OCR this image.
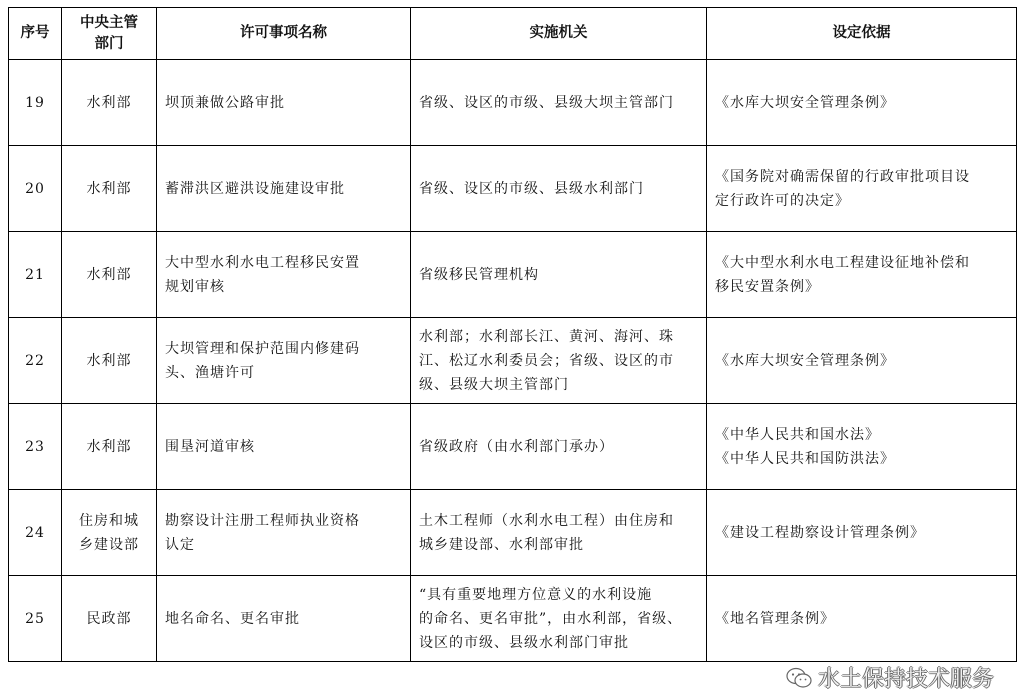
序号	中央主管
部门	许可事项名称	实施机关	设定依据

19	水利部	坝顶兼做公路审批	省级、设区的市级、县级大坝主管部门	《水库大坝安全管理条例》

20	水利部	蓄滞洪区避洪设施建设审批	省级、设区的市级、县级水利部门	《国务院对确需保留的行政审批项目设
定行政许可的决定》

21	水利部	大中型水利水电工程移民安置
规划审核	省级移民管理机构	《大中型水利水电工程建设征地补偿和
移民安置条例》

22	水利部	大坝管理和保护范围内修建码
头、渔塘许可	水利部；水利部长江、黄河、海河、珠
江、松辽水利委员会；省级、设区的市
级、县级大坝主管部门	《水库大坝安全管理条例》

23	水利部	围垦河道审核	省级政府（由水利部门承办）	《中华人民共和国水法》
《中华人民共和国防洪法》

24	住房和城
乡建设部	勘察设计注册工程师执业资格
认定	土木工程师（水利水电工程）由住房和
城乡建设部、水利部审批	《建设工程勘察设计管理条例》

25	民政部	地名命名、更名审批	“具有重要地理方位意义的水利设施
的命名、更名审批”，由水利部，省级、
设区的市级、县级水利部门审批	《地名管理条例》
水土保持技术服务
